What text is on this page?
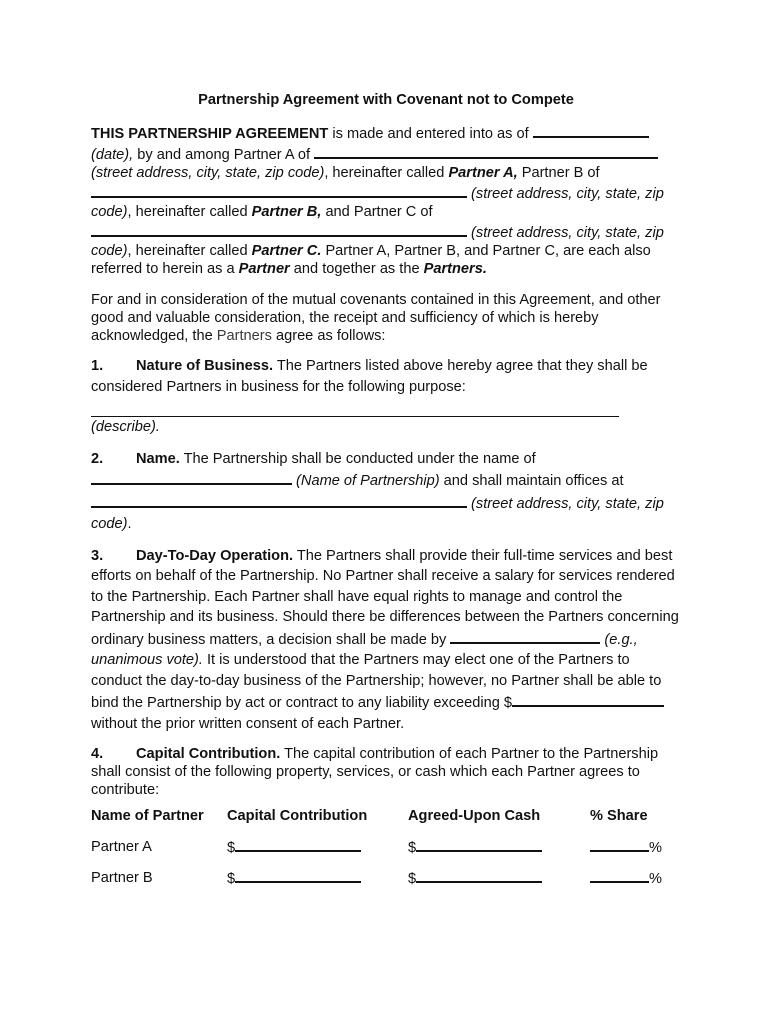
Partnership Agreement with Covenant not to Compete

THIS PARTNERSHIP AGREEMENT is made and entered into as of  (date), by and among Partner A of  (street address, city, state, zip code), hereinafter called Partner A, Partner B of
(street address, city, state, zip code), hereinafter called Partner B, and Partner C of
(street address, city, state, zip code), hereinafter called Partner C. Partner A, Partner B, and Partner C, are each also referred to herein as a Partner and together as the Partners.

For and in consideration of the mutual covenants contained in this Agreement, and other good and valuable consideration, the receipt and sufficiency of which is hereby acknowledged, the Partners agree as follows:

1. Nature of Business. The Partners listed above hereby agree that they shall be considered Partners in business for the following purpose:

(describe).

2. Name. The Partnership shall be conducted under the name of
(Name of Partnership) and shall maintain offices at
(street address, city, state, zip code).

3. Day-To-Day Operation. The Partners shall provide their full-time services and best efforts on behalf of the Partnership. No Partner shall receive a salary for services rendered to the Partnership. Each Partner shall have equal rights to manage and control the Partnership and its business. Should there be differences between the Partners concerning ordinary business matters, a decision shall be made by	(e.g., unanimous vote). It is understood that the Partners may elect one of the Partners to conduct the day-to-day business of the Partnership; however, no Partner shall be able to bind the Partnership by act or contract to any liability exceeding $ without the prior written consent of each Partner.

4. Capital Contribution. The capital contribution of each Partner to the Partnership shall consist of the following property, services, or cash which each Partner agrees to contribute:

Name of Partner	Capital Contribution	Agreed-Upon Cash	% Share
Partner A	$	$	%
Partner B	$	$	%
